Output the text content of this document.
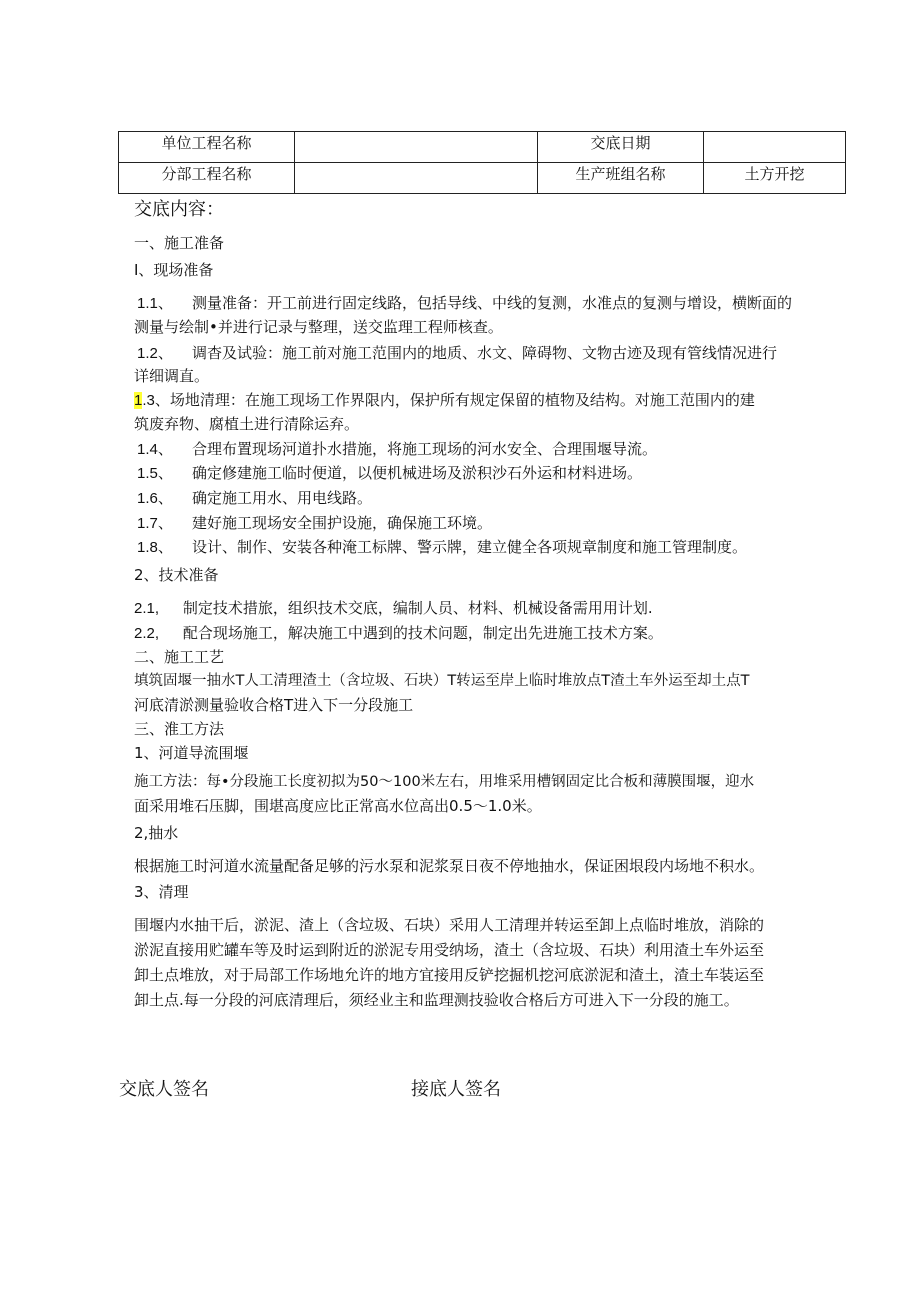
单位工程名称		交底日期	
分部工程名称		生产班组名称	土方开挖
交底内容：
一、施工准备
I、现场准备
1.1、 测量准备：开工前进行固定线路，包括导线、中线的复测，水准点的复测与增设，横断面的
测量与绘制•并进行记录与整理，送交监理工程师核查。
1.2、 调杳及试验：施工前对施工范围内的地质、水文、障碍物、文物古迹及现有管线情况进行
详细调直。
1.3、场地清理：在施工现场工作界限内，保护所有规定保留的植物及结构。对施工范围内的建
筑废弃物、腐植土进行清除运弃。
1.4、 合理布置现场河道扑水措施，将施工现场的河水安全、合理围堰导流。
1.5、 确定修建施工临时便道，以便机械进场及淤积沙石外运和材料进场。
1.6、 确定施工用水、用电线路。
1.7、 建好施工现场安全围护设施，确保施工环境。
1.8、 设计、制作、安装各种淹工标牌、警示牌，建立健全各项规章制度和施工管理制度。
2、技术准备
2.1, 制定技术措旅，组织技术交底，编制人员、材料、机械设备需用用计划.
2.2, 配合现场施工，解决施工中遇到的技术问题，制定出先进施工技术方案。
二、施工工艺
填筑固堰一抽水T人工清理渣土（含垃圾、石块）T转运至岸上临时堆放点T渣土车外运至却土点T
河底清淤测量验收合格T进入下一分段施工
三、淮工方法
1、河道导流围堰
施工方法：每•分段施工长度初拟为50～100米左右，用堆采用槽钢固定比合板和薄膜围堰，迎水
面采用堆石压脚，围堪高度应比正常高水位高出0.5～1.0米。
2,抽水
根据施工时河道水流量配备足够的污水泵和泥浆泵日夜不停地抽水，保证困垠段内场地不积水。
3、清理
围堰内水抽干后，淤泥、渣上（含垃圾、石块）采用人工清理并转运至卸上点临时堆放，消除的
淤泥直接用贮罐车等及时运到附近的淤泥专用受纳场，渣土（含垃圾、石块）利用渣土车外运至
卸土点堆放，对于局部工作场地允许的地方宜接用反铲挖掘机挖河底淤泥和渣土，渣土车装运至
卸土点.每一分段的河底清理后，须经业主和监理测技验收合格后方可进入下一分段的施工。
交底人签名	接底人签名
